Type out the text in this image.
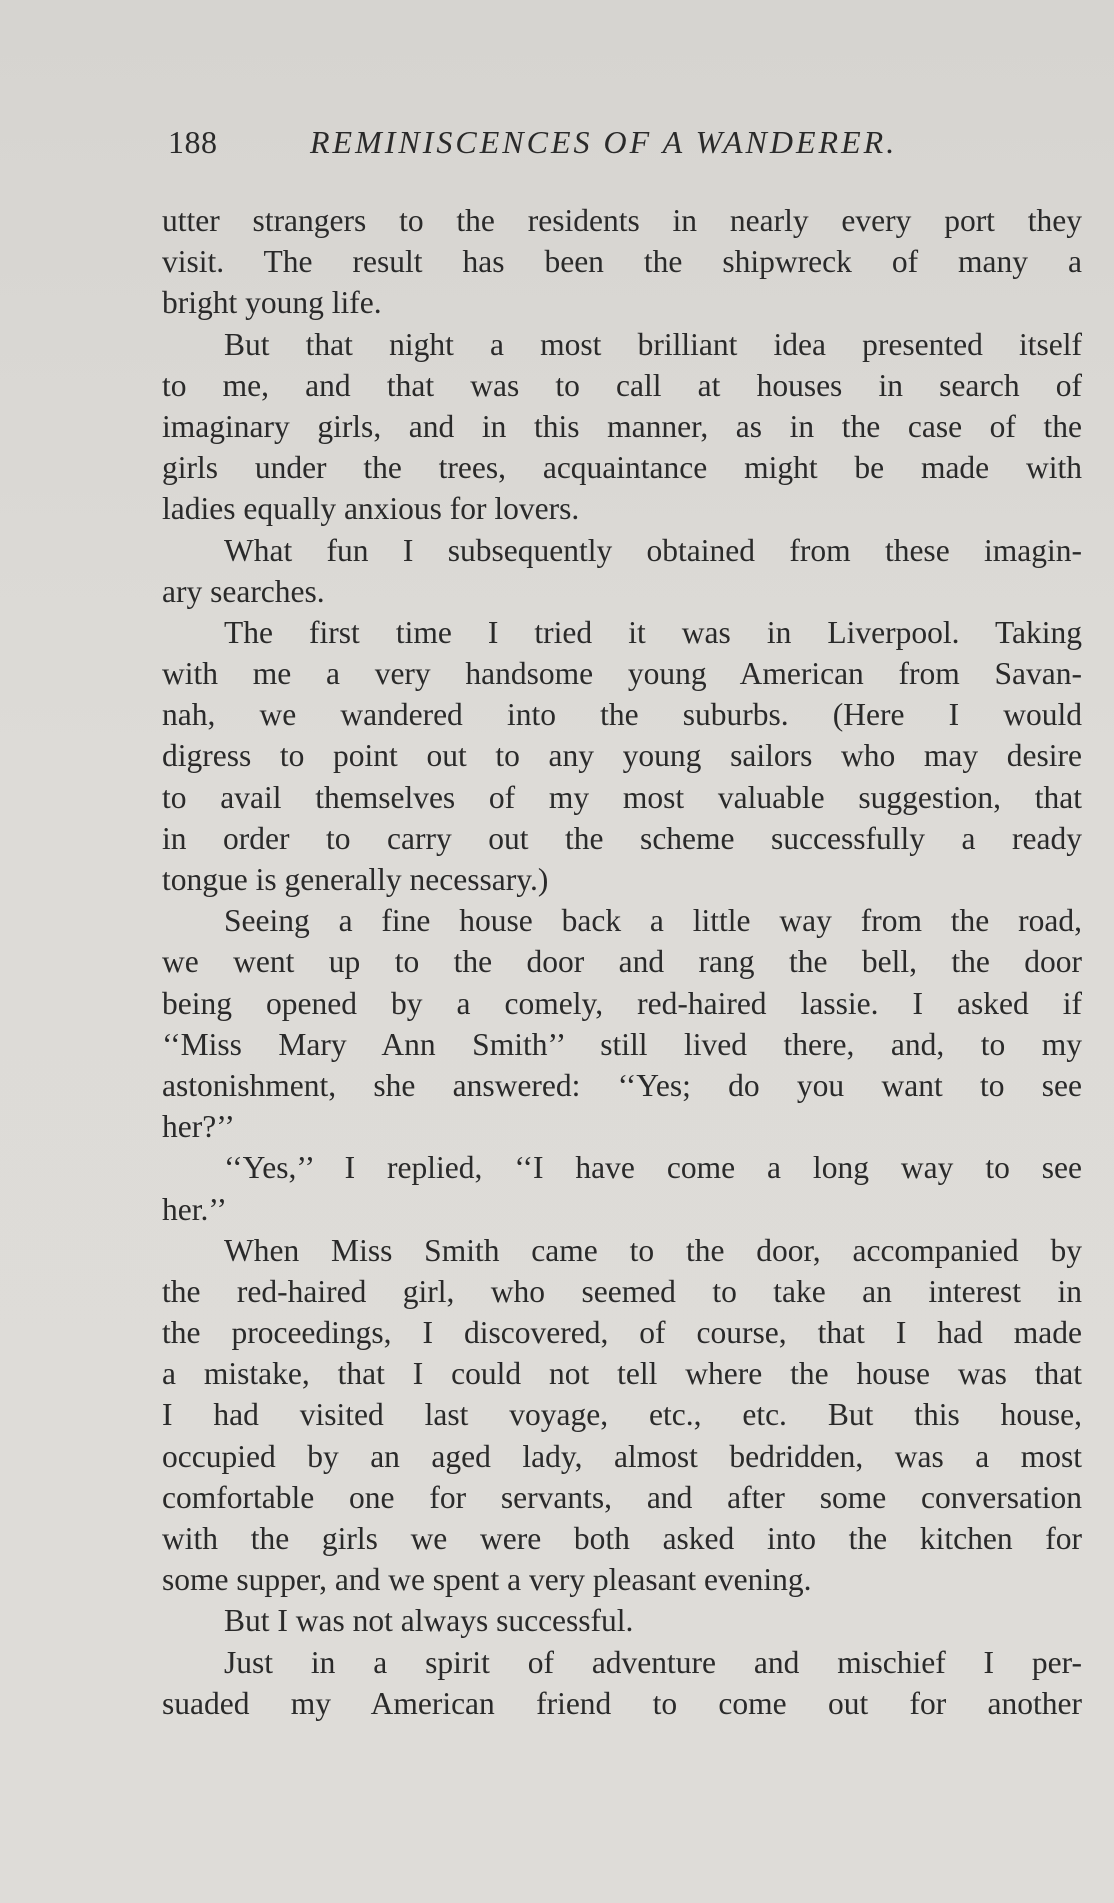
188	REMINISCENCES OF A WANDERER.
utter strangers to the residents in nearly every port they
visit. The result has been the shipwreck of many a
bright young life.
But that night a most brilliant idea presented itself
to me, and that was to call at houses in search of
imaginary girls, and in this manner, as in the case of the
girls under the trees, acquaintance might be made with
ladies equally anxious for lovers.
What fun I subsequently obtained from these imagin-
ary searches.
The first time I tried it was in Liverpool. Taking
with me a very handsome young American from Savan-
nah, we wandered into the suburbs. (Here I would
digress to point out to any young sailors who may desire
to avail themselves of my most valuable suggestion, that
in order to carry out the scheme successfully a ready
tongue is generally necessary.)
Seeing a fine house back a little way from the road,
we went up to the door and rang the bell, the door
being opened by a comely, red-haired lassie. I asked if
‘‘Miss Mary Ann Smith’’ still lived there, and, to my
astonishment, she answered: ‘‘Yes; do you want to see
her?’’
‘‘Yes,’’ I replied, ‘‘I have come a long way to see
her.’’
When Miss Smith came to the door, accompanied by
the red-haired girl, who seemed to take an interest in
the proceedings, I discovered, of course, that I had made
a mistake, that I could not tell where the house was that
I had visited last voyage, etc., etc. But this house,
occupied by an aged lady, almost bedridden, was a most
comfortable one for servants, and after some conversation
with the girls we were both asked into the kitchen for
some supper, and we spent a very pleasant evening.
But I was not always successful.
Just in a spirit of adventure and mischief I per-
suaded my American friend to come out for another
